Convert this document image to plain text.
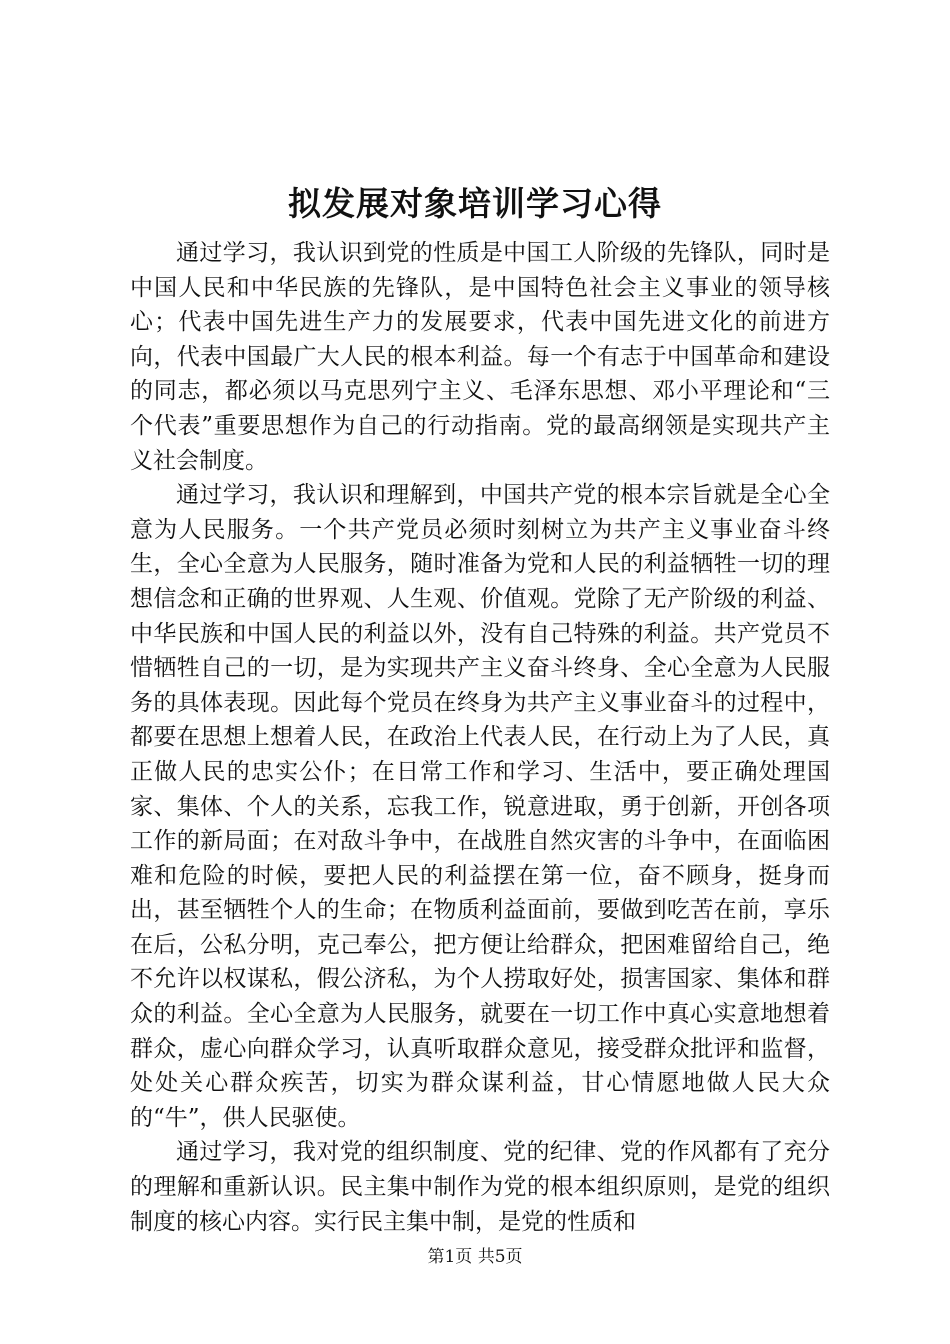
拟发展对象培训学习心得

通过学习，我认识到党的性质是中国工人阶级的先锋队，同时是中国人民和中华民族的先锋队，是中国特色社会主义事业的领导核心；代表中国先进生产力的发展要求，代表中国先进文化的前进方向，代表中国最广大人民的根本利益。每一个有志于中国革命和建设的同志，都必须以马克思列宁主义、毛泽东思想、邓小平理论和“三个代表”重要思想作为自己的行动指南。党的最高纲领是实现共产主义社会制度。

通过学习，我认识和理解到，中国共产党的根本宗旨就是全心全意为人民服务。一个共产党员必须时刻树立为共产主义事业奋斗终生，全心全意为人民服务，随时准备为党和人民的利益牺牲一切的理想信念和正确的世界观、人生观、价值观。党除了无产阶级的利益、中华民族和中国人民的利益以外，没有自己特殊的利益。共产党员不惜牺牲自己的一切，是为实现共产主义奋斗终身、全心全意为人民服务的具体表现。因此每个党员在终身为共产主义事业奋斗的过程中，都要在思想上想着人民，在政治上代表人民，在行动上为了人民，真正做人民的忠实公仆；在日常工作和学习、生活中，要正确处理国家、集体、个人的关系，忘我工作，锐意进取，勇于创新，开创各项工作的新局面；在对敌斗争中，在战胜自然灾害的斗争中，在面临困难和危险的时候，要把人民的利益摆在第一位，奋不顾身，挺身而出，甚至牺牲个人的生命；在物质利益面前，要做到吃苦在前，享乐在后，公私分明，克己奉公，把方便让给群众，把困难留给自己，绝不允许以权谋私，假公济私，为个人捞取好处，损害国家、集体和群众的利益。全心全意为人民服务，就要在一切工作中真心实意地想着群众，虚心向群众学习，认真听取群众意见，接受群众批评和监督，处处关心群众疾苦，切实为群众谋利益，甘心情愿地做人民大众的“牛”，供人民驱使。

通过学习，我对党的组织制度、党的纪律、党的作风都有了充分的理解和重新认识。民主集中制作为党的根本组织原则，是党的组织制度的核心内容。实行民主集中制，是党的性质和

第1页 共5页
